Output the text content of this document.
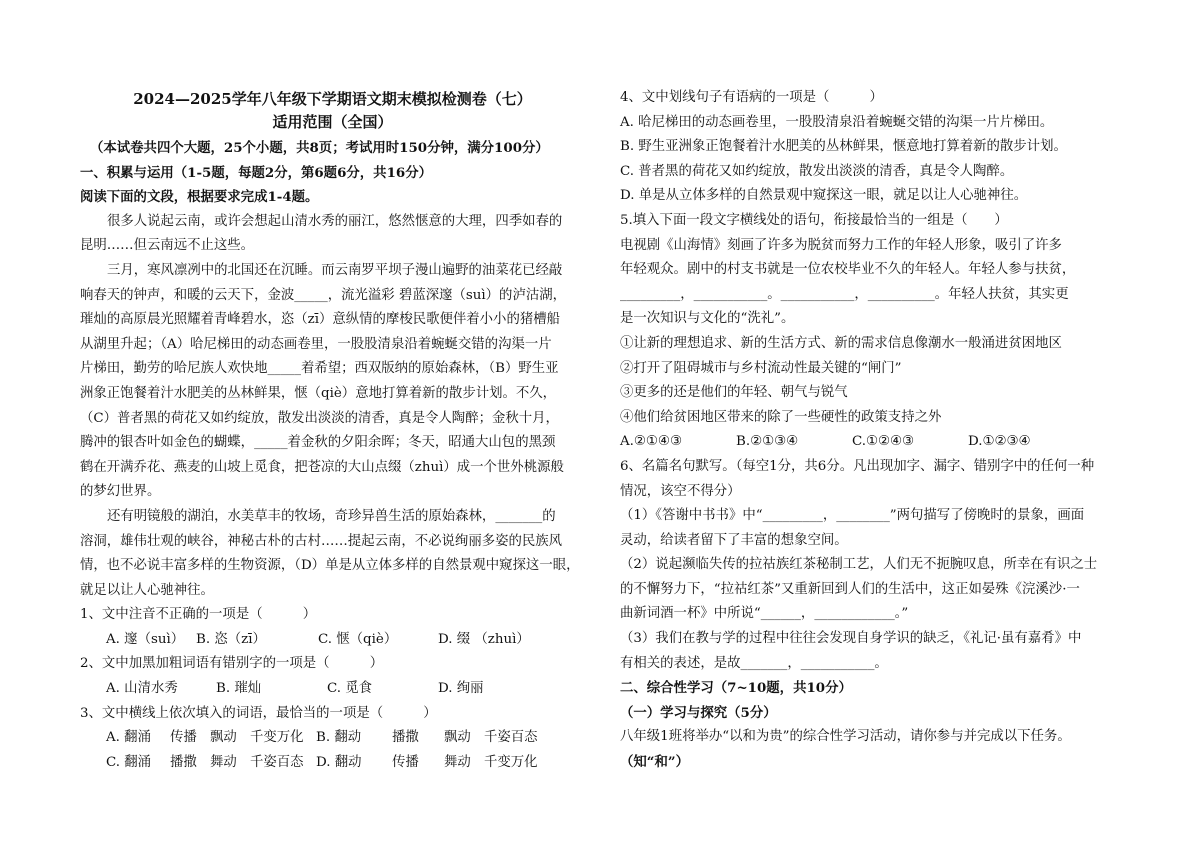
2024—2025学年八年级下学期语文期末模拟检测卷（七）
适用范围（全国）
（本试卷共四个大题，25个小题，共8页；考试用时150分钟，满分100分）
一、积累与运用（1-5题，每题2分，第6题6分，共16分）
阅读下面的文段，根据要求完成1-4题。
很多人说起云南，或许会想起山清水秀的丽江，悠然惬意的大理，四季如春的
昆明……但云南远不止这些。
三月，寒风凛冽中的北国还在沉睡。而云南罗平坝子漫山遍野的油菜花已经敲
响春天的钟声，和暖的云天下，金波_____，流光溢彩 碧蓝深邃（suì）的泸沽湖，
璀灿的高原晨光照耀着青峰碧水，恣（zī）意纵情的摩梭民歌便伴着小小的猪槽船
从湖里升起；（A）哈尼梯田的动态画卷里，一股股清泉沿着蜿蜒交错的沟渠一片
片梯田，勤劳的哈尼族人欢快地_____着希望；西双版纳的原始森林，（B）野生亚
洲象正饱餐着汁水肥美的丛林鲜果，惬（qiè）意地打算着新的散步计划。不久，
（C）普者黑的荷花又如约绽放，散发出淡淡的清香，真是令人陶醉；金秋十月，
腾冲的银杏叶如金色的蝴蝶，_____着金秋的夕阳余晖；冬天，昭通大山包的黑颈
鹤在开满乔花、燕麦的山坡上觅食，把苍凉的大山点缀（zhuì）成一个世外桃源般
的梦幻世界。
还有明镜般的湖泊，水美草丰的牧场，奇珍异兽生活的原始森林，_______的
溶洞，雄伟壮观的峡谷，神秘古朴的古村……提起云南，不必说绚丽多姿的民族风
情，也不必说丰富多样的生物资源，（D）单是从立体多样的自然景观中窥探这一眼，
就足以让人心驰神往。
1、文中注音不正确的一项是（　　　）
A. 邃（suì） B. 恣（zī）	C. 惬（qiè）	D. 缀 （zhuì）
2、文中加黑加粗词语有错别字的一项是（　　　）
A. 山清水秀	B. 璀灿	C. 觅食	D. 绚丽
3、文中横线上依次填入的词语，最恰当的一项是（　　　）
A. 翻涌 传播 飘动 千变万化 B. 翻动 播撒 飘动 千姿百态
C. 翻涌 播撒 舞动 千姿百态 D. 翻动 传播 舞动 千变万化
4、文中划线句子有语病的一项是（　　　）
A. 哈尼梯田的动态画卷里，一股股清泉沿着蜿蜒交错的沟渠一片片梯田。
B. 野生亚洲象正饱餐着汁水肥美的丛林鲜果，惬意地打算着新的散步计划。
C. 普者黑的荷花又如约绽放，散发出淡淡的清香，真是令人陶醉。
D. 单是从立体多样的自然景观中窥探这一眼，就足以让人心驰神往。
5.填入下面一段文字横线处的语句，衔接最恰当的一组是（　　）
电视剧《山海情》刻画了许多为脱贫而努力工作的年轻人形象，吸引了许多
年轻观众。剧中的村支书就是一位农校毕业不久的年轻人。年轻人参与扶贫，
_________，___________。___________，__________。年轻人扶贫，其实更
是一次知识与文化的“洗礼”。
①让新的理想追求、新的生活方式、新的需求信息像潮水一般涌进贫困地区
②打开了阻碍城市与乡村流动性最关键的“闸门”
③更多的还是他们的年轻、朝气与锐气
④他们给贫困地区带来的除了一些硬性的政策支持之外
A.②①④③	B.②①③④	C.①②④③	D.①②③④
6、名篇名句默写。（每空1分，共6分。凡出现加字、漏字、错别字中的任何一种
情况，该空不得分）
（1）《答谢中书书》中“_________，________”两句描写了傍晚时的景象，画面
灵动，给读者留下了丰富的想象空间。
（2）说起濒临失传的拉祜族红茶秘制工艺，人们无不扼腕叹息，所幸在有识之士
的不懈努力下，“拉祜红茶”又重新回到人们的生活中，这正如晏殊《浣溪沙·一
曲新词酒一杯》中所说“______，____________。”
（3）我们在教与学的过程中往往会发现自身学识的缺乏，《礼记·虽有嘉肴》中
有相关的表述，是故_______，___________。
二、综合性学习（7~10题，共10分）
（一）学习与探究（5分）
八年级1班将举办“以和为贵”的综合性学习活动，请你参与并完成以下任务。
（知“和”）
